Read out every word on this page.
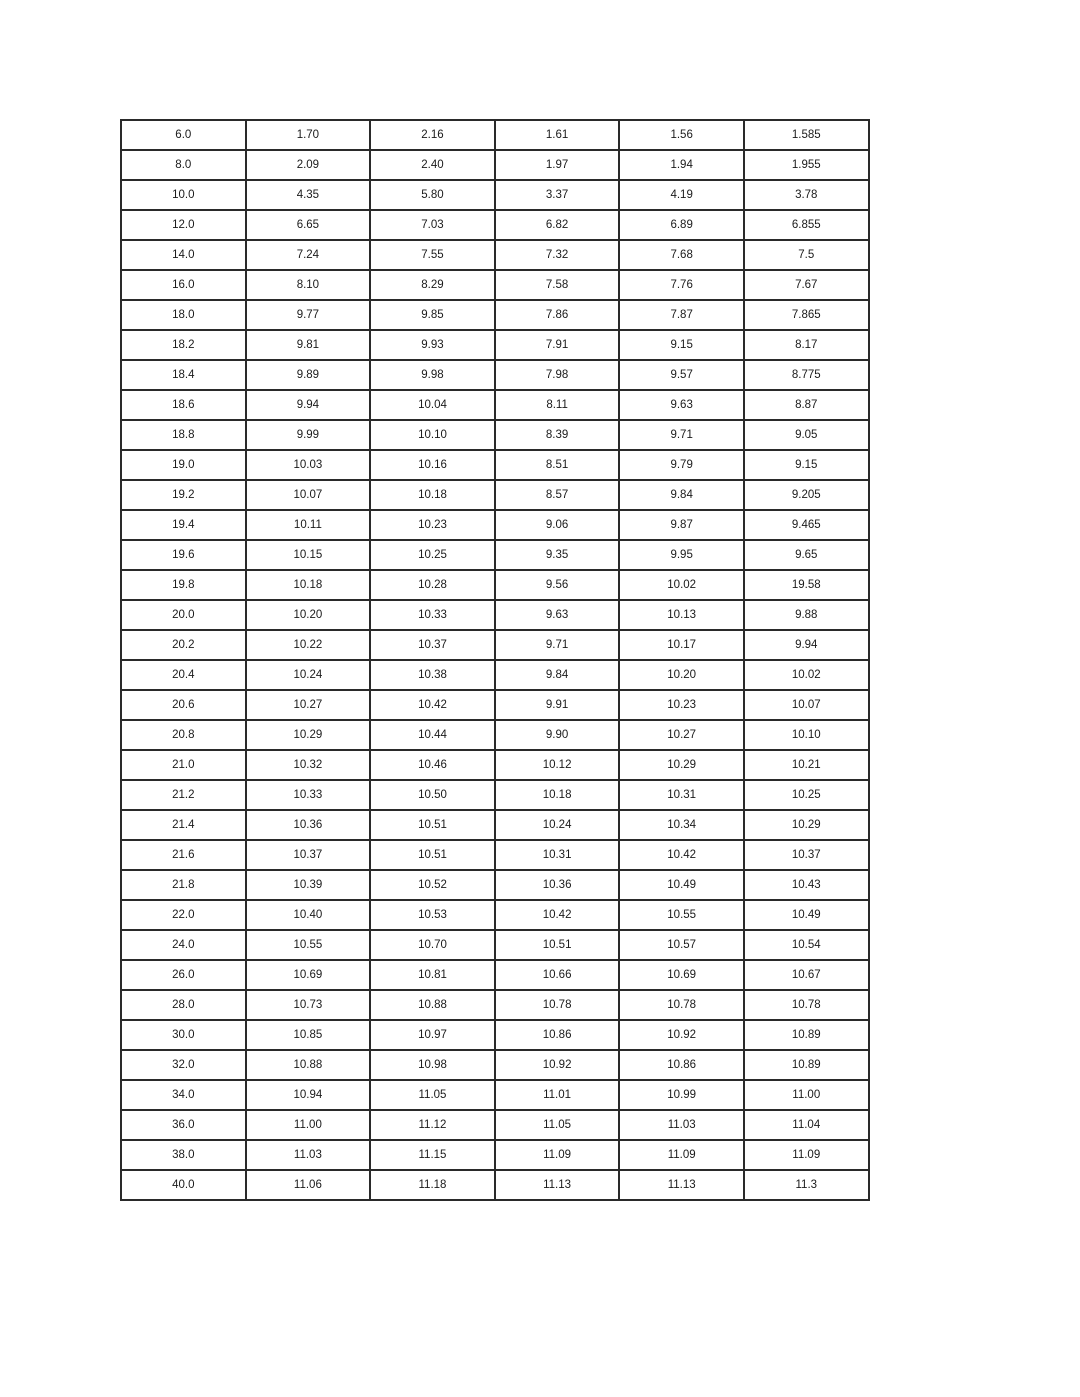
6.0	1.70	2.16	1.61	1.56	1.585
8.0	2.09	2.40	1.97	1.94	1.955
10.0	4.35	5.80	3.37	4.19	3.78
12.0	6.65	7.03	6.82	6.89	6.855
14.0	7.24	7.55	7.32	7.68	7.5
16.0	8.10	8.29	7.58	7.76	7.67
18.0	9.77	9.85	7.86	7.87	7.865
18.2	9.81	9.93	7.91	9.15	8.17
18.4	9.89	9.98	7.98	9.57	8.775
18.6	9.94	10.04	8.11	9.63	8.87
18.8	9.99	10.10	8.39	9.71	9.05
19.0	10.03	10.16	8.51	9.79	9.15
19.2	10.07	10.18	8.57	9.84	9.205
19.4	10.11	10.23	9.06	9.87	9.465
19.6	10.15	10.25	9.35	9.95	9.65
19.8	10.18	10.28	9.56	10.02	19.58
20.0	10.20	10.33	9.63	10.13	9.88
20.2	10.22	10.37	9.71	10.17	9.94
20.4	10.24	10.38	9.84	10.20	10.02
20.6	10.27	10.42	9.91	10.23	10.07
20.8	10.29	10.44	9.90	10.27	10.10
21.0	10.32	10.46	10.12	10.29	10.21
21.2	10.33	10.50	10.18	10.31	10.25
21.4	10.36	10.51	10.24	10.34	10.29
21.6	10.37	10.51	10.31	10.42	10.37
21.8	10.39	10.52	10.36	10.49	10.43
22.0	10.40	10.53	10.42	10.55	10.49
24.0	10.55	10.70	10.51	10.57	10.54
26.0	10.69	10.81	10.66	10.69	10.67
28.0	10.73	10.88	10.78	10.78	10.78
30.0	10.85	10.97	10.86	10.92	10.89
32.0	10.88	10.98	10.92	10.86	10.89
34.0	10.94	11.05	11.01	10.99	11.00
36.0	11.00	11.12	11.05	11.03	11.04
38.0	11.03	11.15	11.09	11.09	11.09
40.0	11.06	11.18	11.13	11.13	11.3
